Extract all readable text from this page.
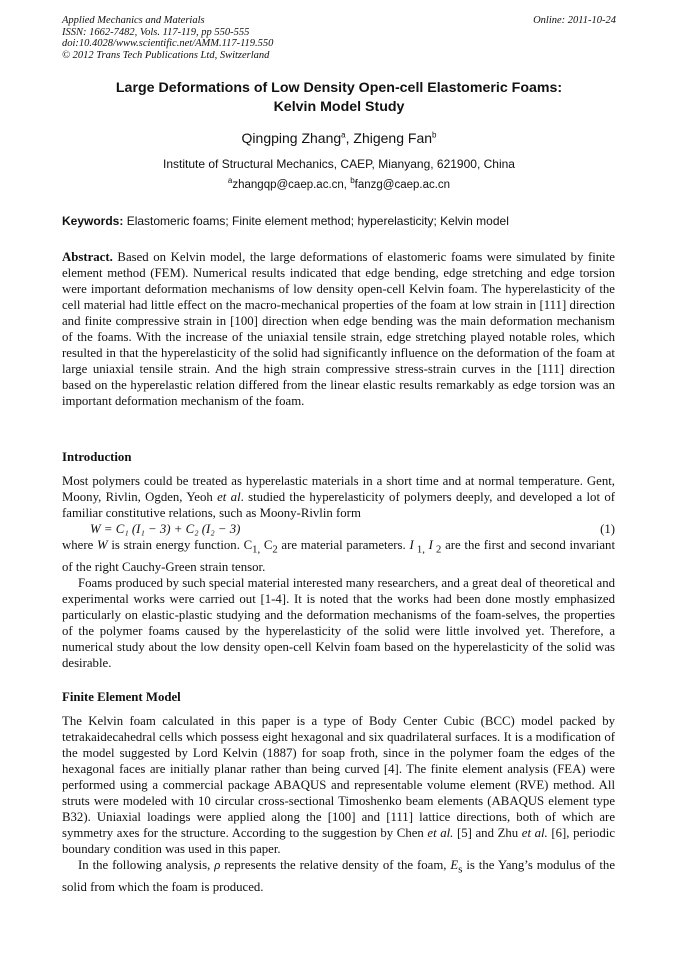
Applied Mechanics and Materials
ISSN: 1662-7482, Vols. 117-119, pp 550-555
doi:10.4028/www.scientific.net/AMM.117-119.550
© 2012 Trans Tech Publications Ltd, Switzerland
Online: 2011-10-24
Large Deformations of Low Density Open-cell Elastomeric Foams:
Kelvin Model Study
Qingping Zhang$^a$, Zhigeng Fan$^b$
Institute of Structural Mechanics, CAEP, Mianyang, 621900, China
$^a$zhangqp@caep.ac.cn, $^b$fanzg@caep.ac.cn
Keywords: Elastomeric foams; Finite element method; hyperelasticity; Kelvin model

Abstract. Based on Kelvin model, the large deformations of elastomeric foams were simulated by finite element method (FEM). Numerical results indicated that edge bending, edge stretching and edge torsion were important deformation mechanisms of low density open-cell Kelvin foam. The hyperelasticity of the cell material had little effect on the macro-mechanical properties of the foam at low strain in [111] direction and finite compressive strain in [100] direction when edge bending was the main deformation mechanism of the foams. With the increase of the uniaxial tensile strain, edge stretching played notable roles, which resulted in that the hyperelasticity of the solid had significantly influence on the deformation of the foam at large uniaxial tensile strain. And the high strain compressive stress-strain curves in the [111] direction based on the hyperelastic relation differed from the linear elastic results remarkably as edge torsion was an important deformation mechanism of the foam.

Introduction

Most polymers could be treated as hyperelastic materials in a short time and at normal temperature. Gent, Moony, Rivlin, Ogden, Yeoh et al. studied the hyperelasticity of polymers deeply, and developed a lot of familiar constitutive relations, such as Moony-Rivlin form

W = C₁ (I₁ − 3) + C₂ (I₂ − 3)	(1)

where W is strain energy function. $C_{1,}$ $C_2$ are material parameters. I $_{1,}$ I $_2$ are the first and second invariant of the right Cauchy-Green strain tensor.

Foams produced by such special material interested many researchers, and a great deal of theoretical and experimental works were carried out [1-4]. It is noted that the works had been done mostly emphasized particularly on elastic-plastic studying and the deformation mechanisms of the foam-selves, the properties of the polymer foams caused by the hyperelasticity of the solid were little involved yet. Therefore, a numerical study about the low density open-cell Kelvin foam based on the hyperelasticity of the solid was desirable.

Finite Element Model

The Kelvin foam calculated in this paper is a type of Body Center Cubic (BCC) model packed by tetrakaidecahedral cells which possess eight hexagonal and six quadrilateral surfaces. It is a modification of the model suggested by Lord Kelvin (1887) for soap froth, since in the polymer foam the edges of the hexagonal faces are initially planar rather than being curved [4]. The finite element analysis (FEA) were performed using a commercial package ABAQUS and representable volume element (RVE) method. All struts were modeled with 10 circular cross-sectional Timoshenko beam elements (ABAQUS element type B32). Uniaxial loadings were applied along the [100] and [111] lattice directions, both of which are symmetry axes for the structure. According to the suggestion by Chen et al. [5] and Zhu et al. [6], periodic boundary condition was used in this paper.

In the following analysis, ρ represents the relative density of the foam, $E_s$ is the Yang’s modulus of the solid from which the foam is produced.
